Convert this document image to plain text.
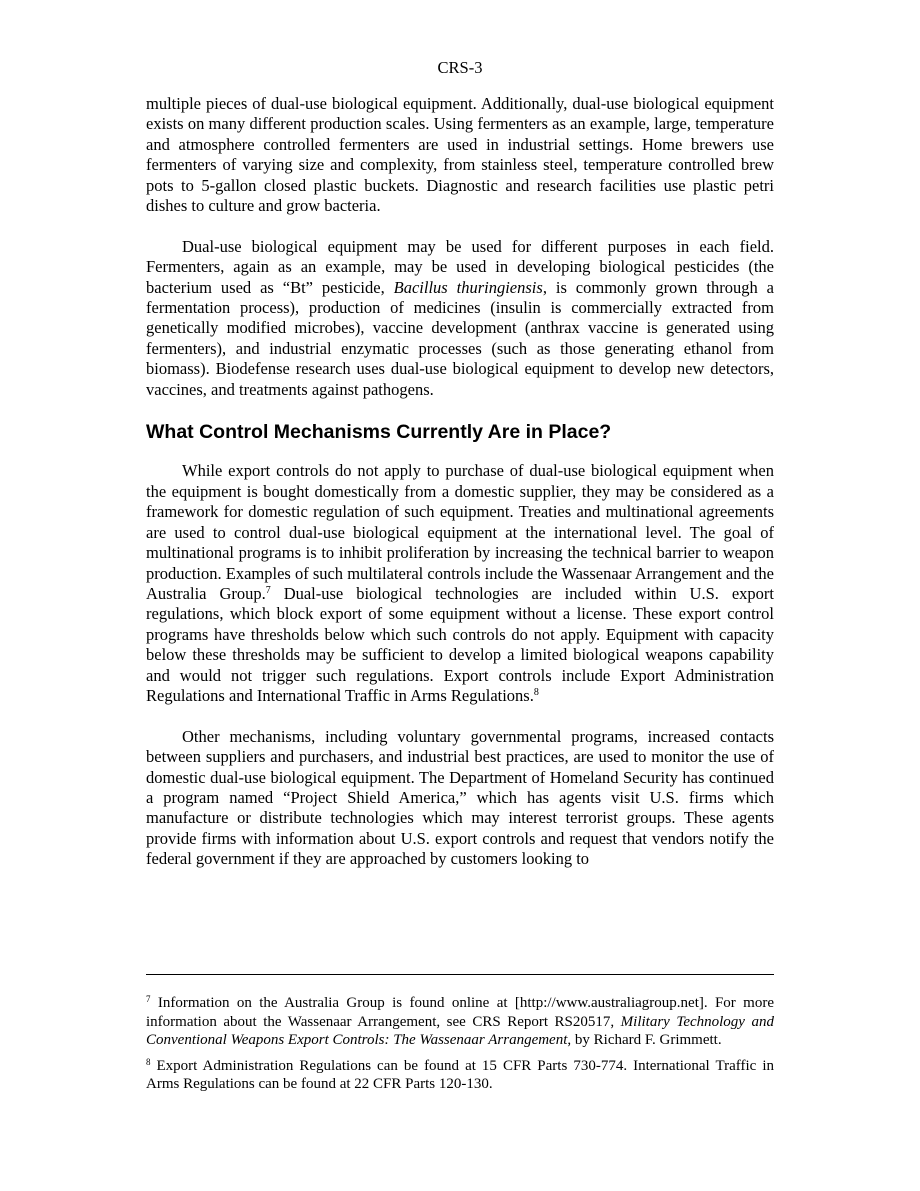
CRS-3

multiple pieces of dual-use biological equipment. Additionally, dual-use biological equipment exists on many different production scales. Using fermenters as an example, large, temperature and atmosphere controlled fermenters are used in industrial settings. Home brewers use fermenters of varying size and complexity, from stainless steel, temperature controlled brew pots to 5-gallon closed plastic buckets. Diagnostic and research facilities use plastic petri dishes to culture and grow bacteria.

Dual-use biological equipment may be used for different purposes in each field. Fermenters, again as an example, may be used in developing biological pesticides (the bacterium used as “Bt” pesticide, Bacillus thuringiensis, is commonly grown through a fermentation process), production of medicines (insulin is commercially extracted from genetically modified microbes), vaccine development (anthrax vaccine is generated using fermenters), and industrial enzymatic processes (such as those generating ethanol from biomass). Biodefense research uses dual-use biological equipment to develop new detectors, vaccines, and treatments against pathogens.

What Control Mechanisms Currently Are in Place?

While export controls do not apply to purchase of dual-use biological equipment when the equipment is bought domestically from a domestic supplier, they may be considered as a framework for domestic regulation of such equipment. Treaties and multinational agreements are used to control dual-use biological equipment at the international level. The goal of multinational programs is to inhibit proliferation by increasing the technical barrier to weapon production. Examples of such multilateral controls include the Wassenaar Arrangement and the Australia Group.$^7$ Dual-use biological technologies are included within U.S. export regulations, which block export of some equipment without a license. These export control programs have thresholds below which such controls do not apply. Equipment with capacity below these thresholds may be sufficient to develop a limited biological weapons capability and would not trigger such regulations. Export controls include Export Administration Regulations and International Traffic in Arms Regulations.$^8$

Other mechanisms, including voluntary governmental programs, increased contacts between suppliers and purchasers, and industrial best practices, are used to monitor the use of domestic dual-use biological equipment. The Department of Homeland Security has continued a program named “Project Shield America,” which has agents visit U.S. firms which manufacture or distribute technologies which may interest terrorist groups. These agents provide firms with information about U.S. export controls and request that vendors notify the federal government if they are approached by customers looking to

$^7$ Information on the Australia Group is found online at [http://www.australiagroup.net]. For more information about the Wassenaar Arrangement, see CRS Report RS20517, Military Technology and Conventional Weapons Export Controls: The Wassenaar Arrangement, by Richard F. Grimmett.

$^8$ Export Administration Regulations can be found at 15 CFR Parts 730-774. International Traffic in Arms Regulations can be found at 22 CFR Parts 120-130.
